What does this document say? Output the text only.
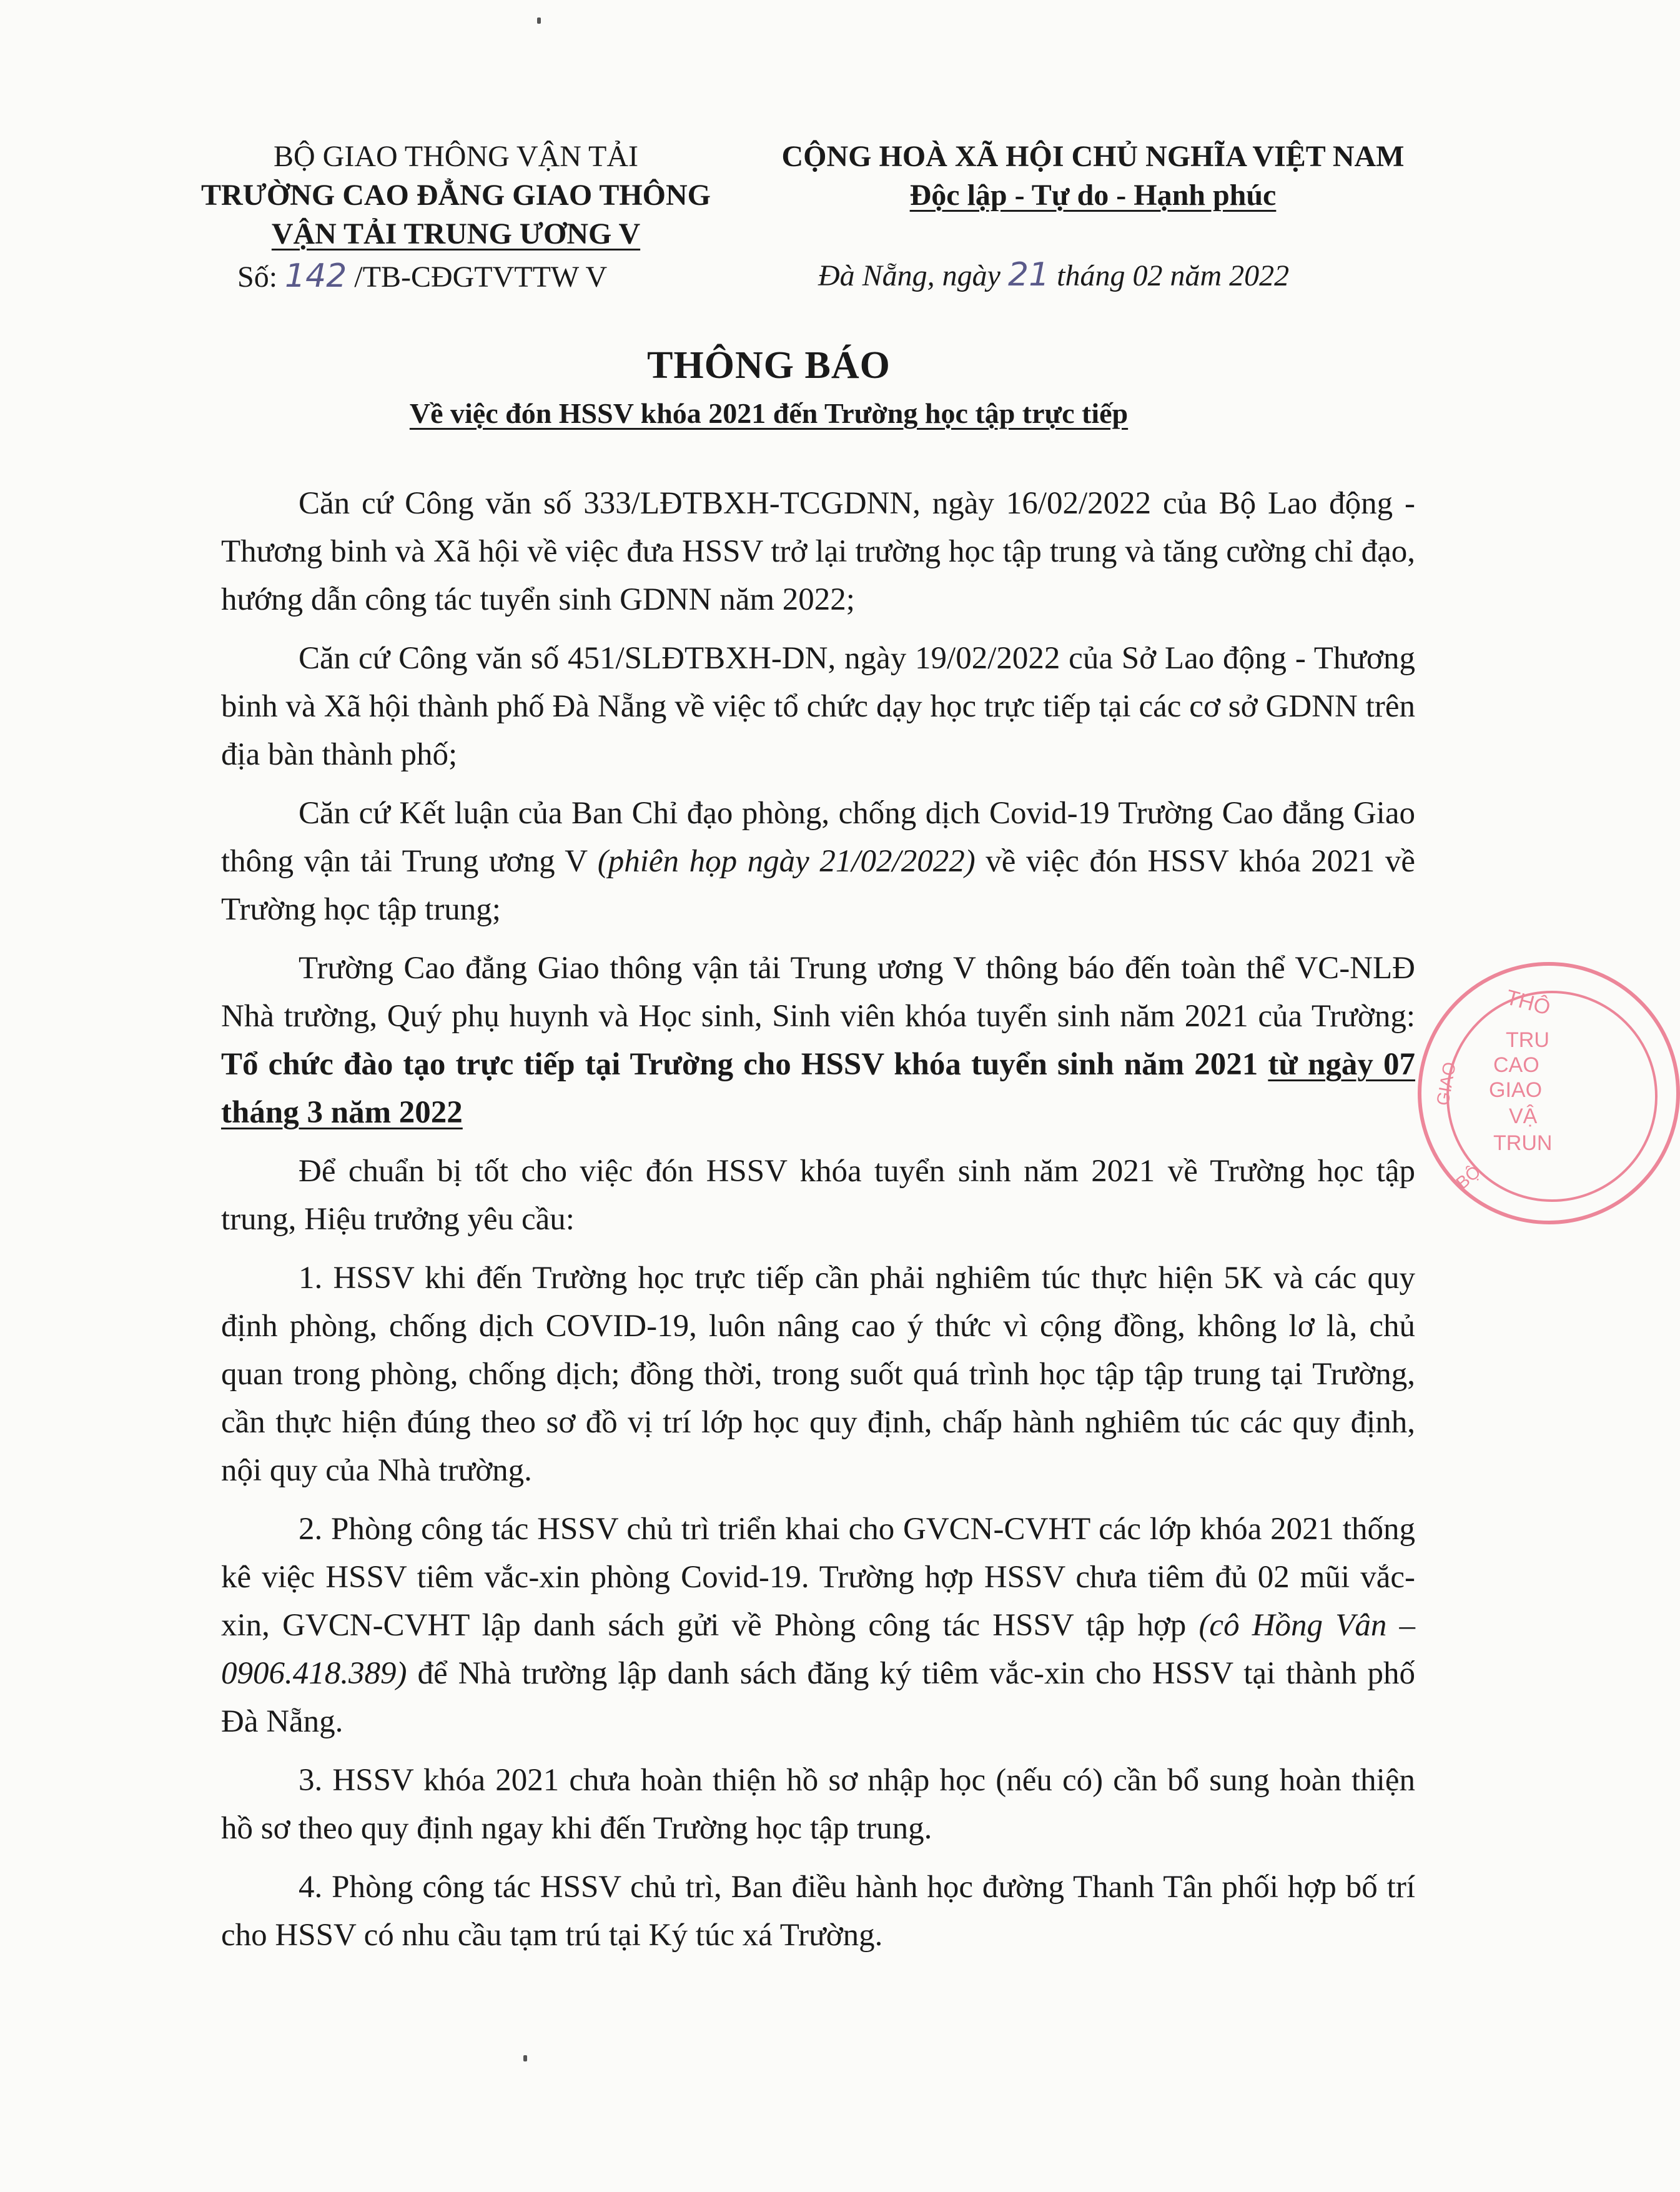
BỘ GIAO THÔNG VẬN TẢI
TRƯỜNG CAO ĐẲNG GIAO THÔNG
VẬN TẢI TRUNG ƯƠNG V
CỘNG HOÀ XÃ HỘI CHỦ NGHĨA VIỆT NAM
Độc lập - Tự do - Hạnh phúc
Số: 142 /TB-CĐGTVTTW V	Đà Nẵng, ngày 21 tháng 02 năm 2022
THÔNG BÁO
Về việc đón HSSV khóa 2021 đến Trường học tập trực tiếp

Căn cứ Công văn số 333/LĐTBXH-TCGDNN, ngày 16/02/2022 của Bộ Lao động - Thương binh và Xã hội về việc đưa HSSV trở lại trường học tập trung và tăng cường chỉ đạo, hướng dẫn công tác tuyển sinh GDNN năm 2022;

Căn cứ Công văn số 451/SLĐTBXH-DN, ngày 19/02/2022 của Sở Lao động - Thương binh và Xã hội thành phố Đà Nẵng về việc tổ chức dạy học trực tiếp tại các cơ sở GDNN trên địa bàn thành phố;

Căn cứ Kết luận của Ban Chỉ đạo phòng, chống dịch Covid-19 Trường Cao đẳng Giao thông vận tải Trung ương V (phiên họp ngày 21/02/2022) về việc đón HSSV khóa 2021 về Trường học tập trung;

Trường Cao đẳng Giao thông vận tải Trung ương V thông báo đến toàn thể VC-NLĐ Nhà trường, Quý phụ huynh và Học sinh, Sinh viên khóa tuyển sinh năm 2021 của Trường: Tổ chức đào tạo trực tiếp tại Trường cho HSSV khóa tuyển sinh năm 2021 từ ngày 07 tháng 3 năm 2022

Để chuẩn bị tốt cho việc đón HSSV khóa tuyển sinh năm 2021 về Trường học tập trung, Hiệu trưởng yêu cầu:

1. HSSV khi đến Trường học trực tiếp cần phải nghiêm túc thực hiện 5K và các quy định phòng, chống dịch COVID-19, luôn nâng cao ý thức vì cộng đồng, không lơ là, chủ quan trong phòng, chống dịch; đồng thời, trong suốt quá trình học tập tập trung tại Trường, cần thực hiện đúng theo sơ đồ vị trí lớp học quy định, chấp hành nghiêm túc các quy định, nội quy của Nhà trường.

2. Phòng công tác HSSV chủ trì triển khai cho GVCN-CVHT các lớp khóa 2021 thống kê việc HSSV tiêm vắc-xin phòng Covid-19. Trường hợp HSSV chưa tiêm đủ 02 mũi vắc-xin, GVCN-CVHT lập danh sách gửi về Phòng công tác HSSV tập hợp (cô Hồng Vân – 0906.418.389) để Nhà trường lập danh sách đăng ký tiêm vắc-xin cho HSSV tại thành phố Đà Nẵng.

3. HSSV khóa 2021 chưa hoàn thiện hồ sơ nhập học (nếu có) cần bổ sung hoàn thiện hồ sơ theo quy định ngay khi đến Trường học tập trung.

4. Phòng công tác HSSV chủ trì, Ban điều hành học đường Thanh Tân phối hợp bố trí cho HSSV có nhu cầu tạm trú tại Ký túc xá Trường.

THÔ
TRU
CAO
GIAO
VẬ
TRUN
GIAO
BỘ
